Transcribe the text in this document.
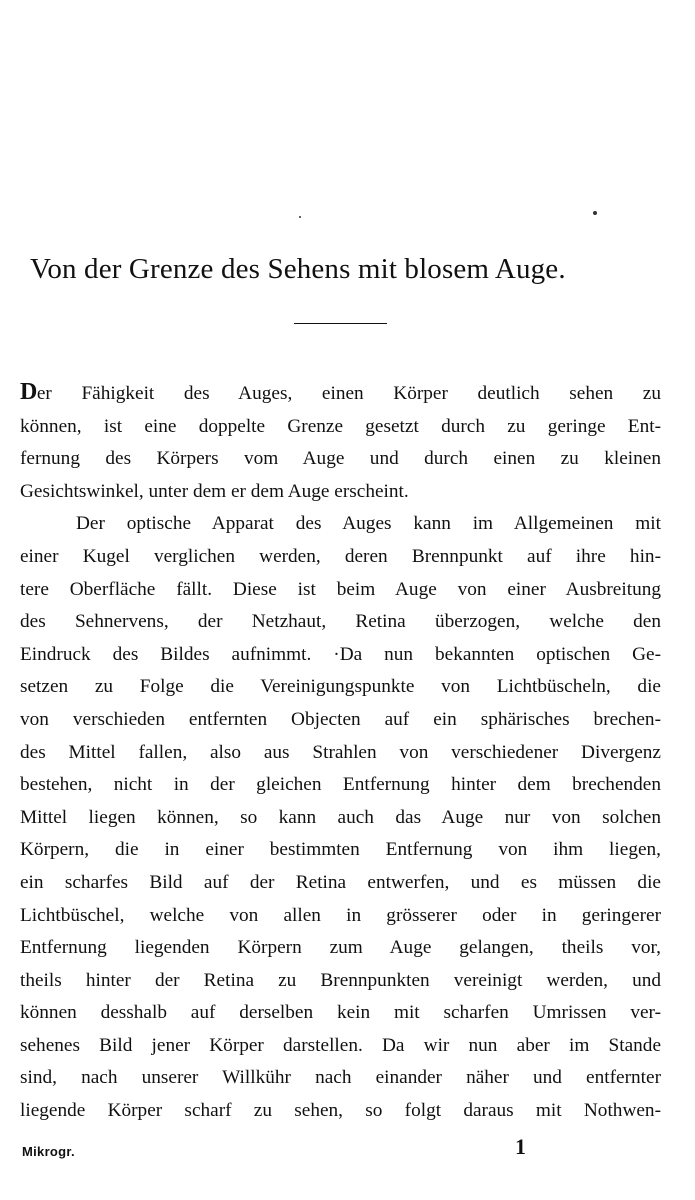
Von der Grenze des Sehens mit blosem Auge.
Der Fähigkeit des Auges, einen Körper deutlich sehen zu
können, ist eine doppelte Grenze gesetzt durch zu geringe Ent-
fernung des Körpers vom Auge und durch einen zu kleinen
Gesichtswinkel, unter dem er dem Auge erscheint.
Der optische Apparat des Auges kann im Allgemeinen mit
einer Kugel verglichen werden, deren Brennpunkt auf ihre hin-
tere Oberfläche fällt. Diese ist beim Auge von einer Ausbreitung
des Sehnervens, der Netzhaut, Retina überzogen, welche den
Eindruck des Bildes aufnimmt. ·Da nun bekannten optischen Ge-
setzen zu Folge die Vereinigungspunkte von Lichtbüscheln, die
von verschieden entfernten Objecten auf ein sphärisches brechen-
des Mittel fallen, also aus Strahlen von verschiedener Divergenz
bestehen, nicht in der gleichen Entfernung hinter dem brechenden
Mittel liegen können, so kann auch das Auge nur von solchen
Körpern, die in einer bestimmten Entfernung von ihm liegen,
ein scharfes Bild auf der Retina entwerfen, und es müssen die
Lichtbüschel, welche von allen in grösserer oder in geringerer
Entfernung liegenden Körpern zum Auge gelangen, theils vor,
theils hinter der Retina zu Brennpunkten vereinigt werden, und
können desshalb auf derselben kein mit scharfen Umrissen ver-
sehenes Bild jener Körper darstellen. Da wir nun aber im Stande
sind, nach unserer Willkühr nach einander näher und entfernter
liegende Körper scharf zu sehen, so folgt daraus mit Nothwen-
Mikrogr.	1
